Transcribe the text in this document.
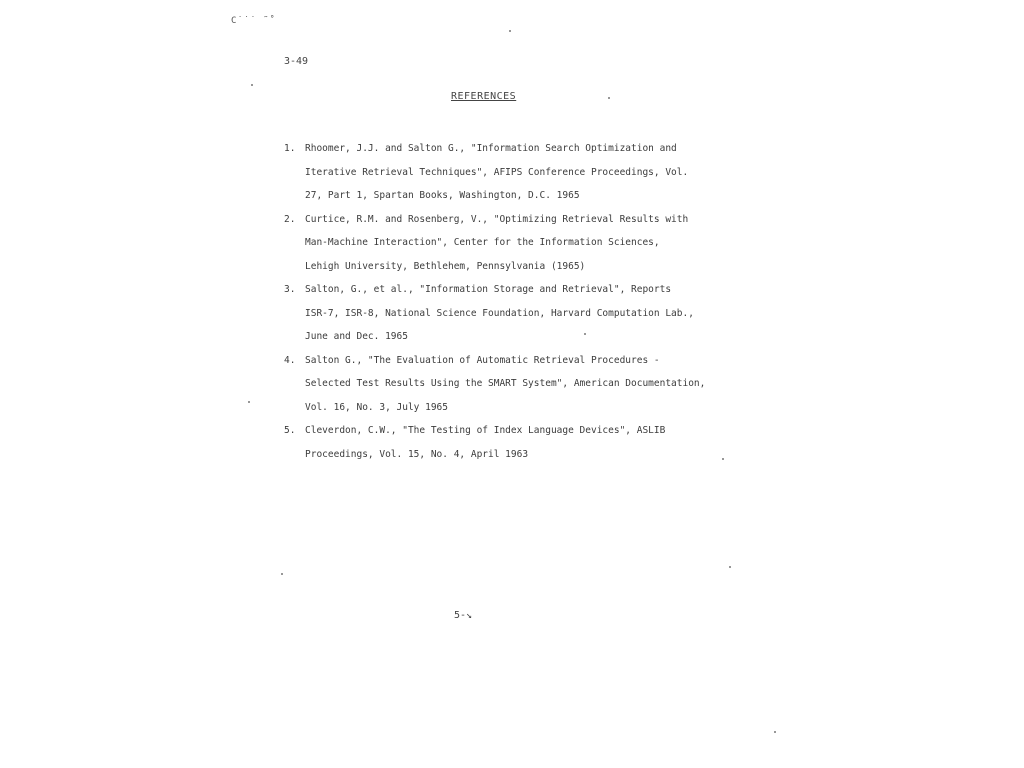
C˙˙˙ ˜˚
3-49
REFERENCES
1.	Rhoomer, J.J. and Salton G., "Information Search Optimization and
Iterative Retrieval Techniques", AFIPS Conference Proceedings, Vol.
27, Part 1, Spartan Books, Washington, D.C. 1965
2.	Curtice, R.M. and Rosenberg, V., "Optimizing Retrieval Results with
Man-Machine Interaction", Center for the Information Sciences,
Lehigh University, Bethlehem, Pennsylvania (1965)
3.	Salton, G., et al., "Information Storage and Retrieval", Reports
ISR-7, ISR-8, National Science Foundation, Harvard Computation Lab.,
June and Dec. 1965
4.	Salton G., "The Evaluation of Automatic Retrieval Procedures -
Selected Test Results Using the SMART System", American Documentation,
Vol. 16, No. 3, July 1965
5.	Cleverdon, C.W., "The Testing of Index Language Devices", ASLIB
Proceedings, Vol. 15, No. 4, April 1963
5-↘
